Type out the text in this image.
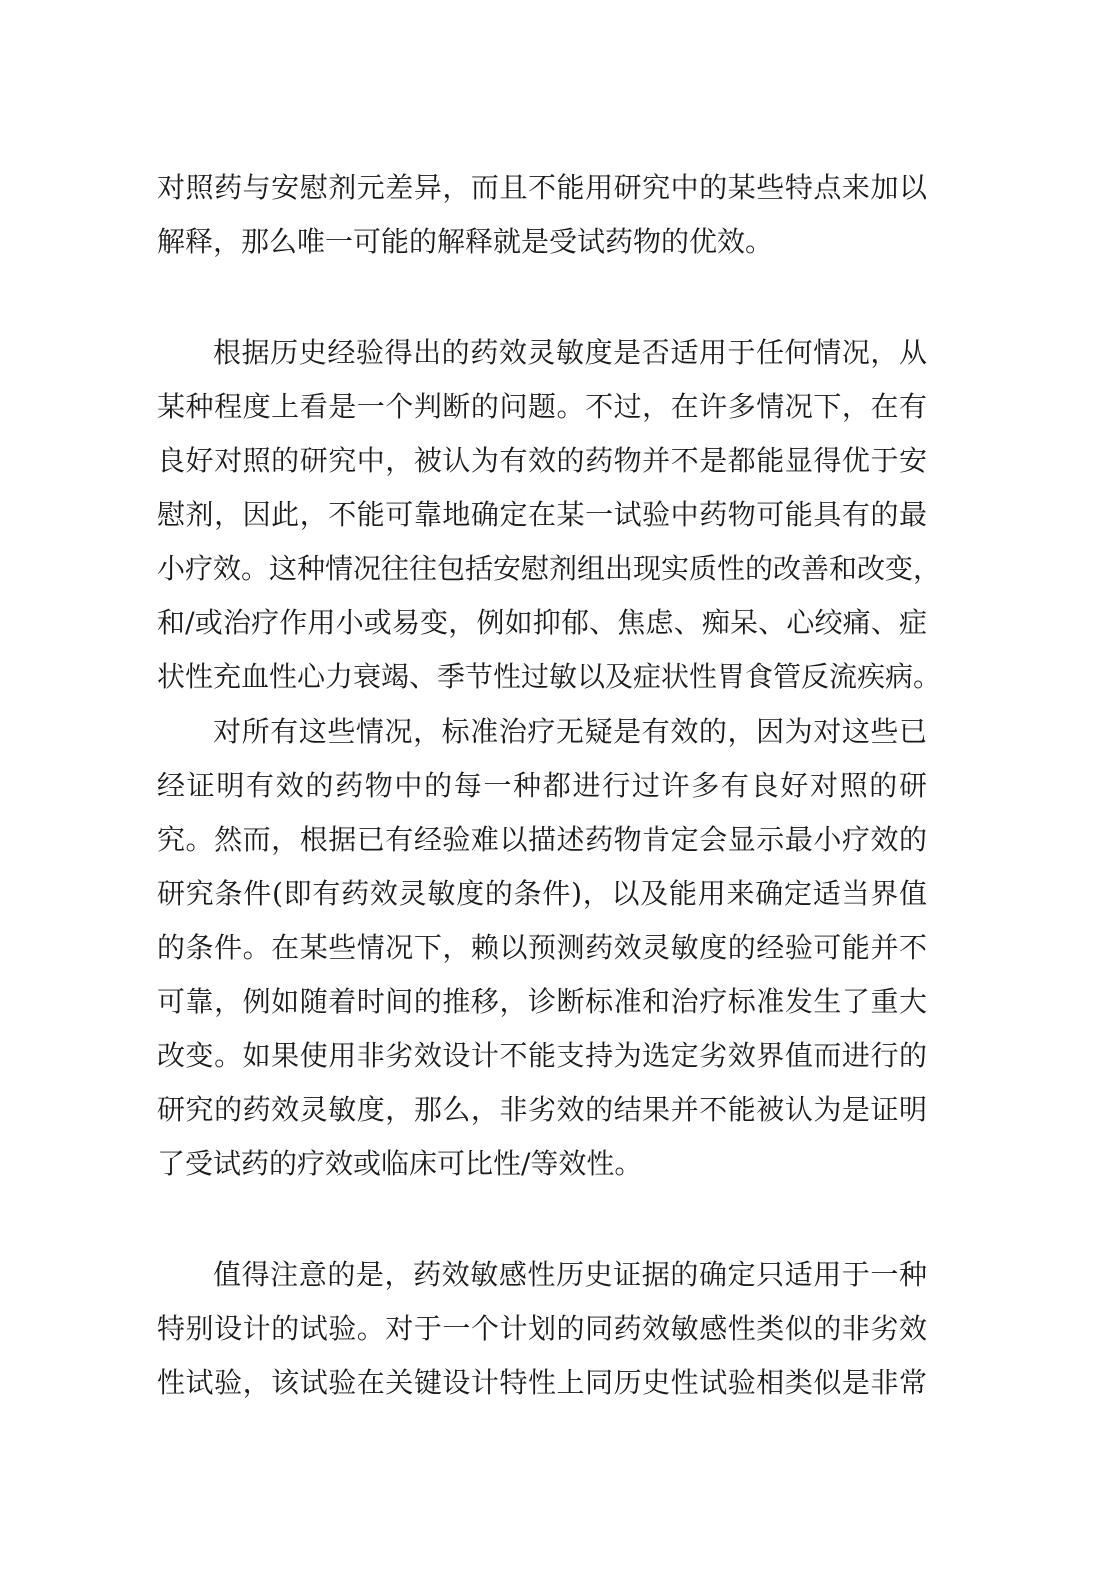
对照药与安慰剂元差异，而且不能用研究中的某些特点来加以
解释，那么唯一可能的解释就是受试药物的优效。
根据历史经验得出的药效灵敏度是否适用于任何情况，从
某种程度上看是一个判断的问题。不过，在许多情况下，在有
良好对照的研究中，被认为有效的药物并不是都能显得优于安
慰剂，因此，不能可靠地确定在某一试验中药物可能具有的最
小疗效。这种情况往往包括安慰剂组出现实质性的改善和改变，
和/或治疗作用小或易变，例如抑郁、焦虑、痴呆、心绞痛、症
状性充血性心力衰竭、季节性过敏以及症状性胃食管反流疾病。
对所有这些情况，标准治疗无疑是有效的，因为对这些已
经证明有效的药物中的每一种都进行过许多有良好对照的研
究。然而，根据已有经验难以描述药物肯定会显示最小疗效的
研究条件(即有药效灵敏度的条件)，以及能用来确定适当界值
的条件。在某些情况下，赖以预测药效灵敏度的经验可能并不
可靠，例如随着时间的推移，诊断标准和治疗标准发生了重大
改变。如果使用非劣效设计不能支持为选定劣效界值而进行的
研究的药效灵敏度，那么，非劣效的结果并不能被认为是证明
了受试药的疗效或临床可比性/等效性。
值得注意的是，药效敏感性历史证据的确定只适用于一种
特别设计的试验。对于一个计划的同药效敏感性类似的非劣效
性试验，该试验在关键设计特性上同历史性试验相类似是非常
